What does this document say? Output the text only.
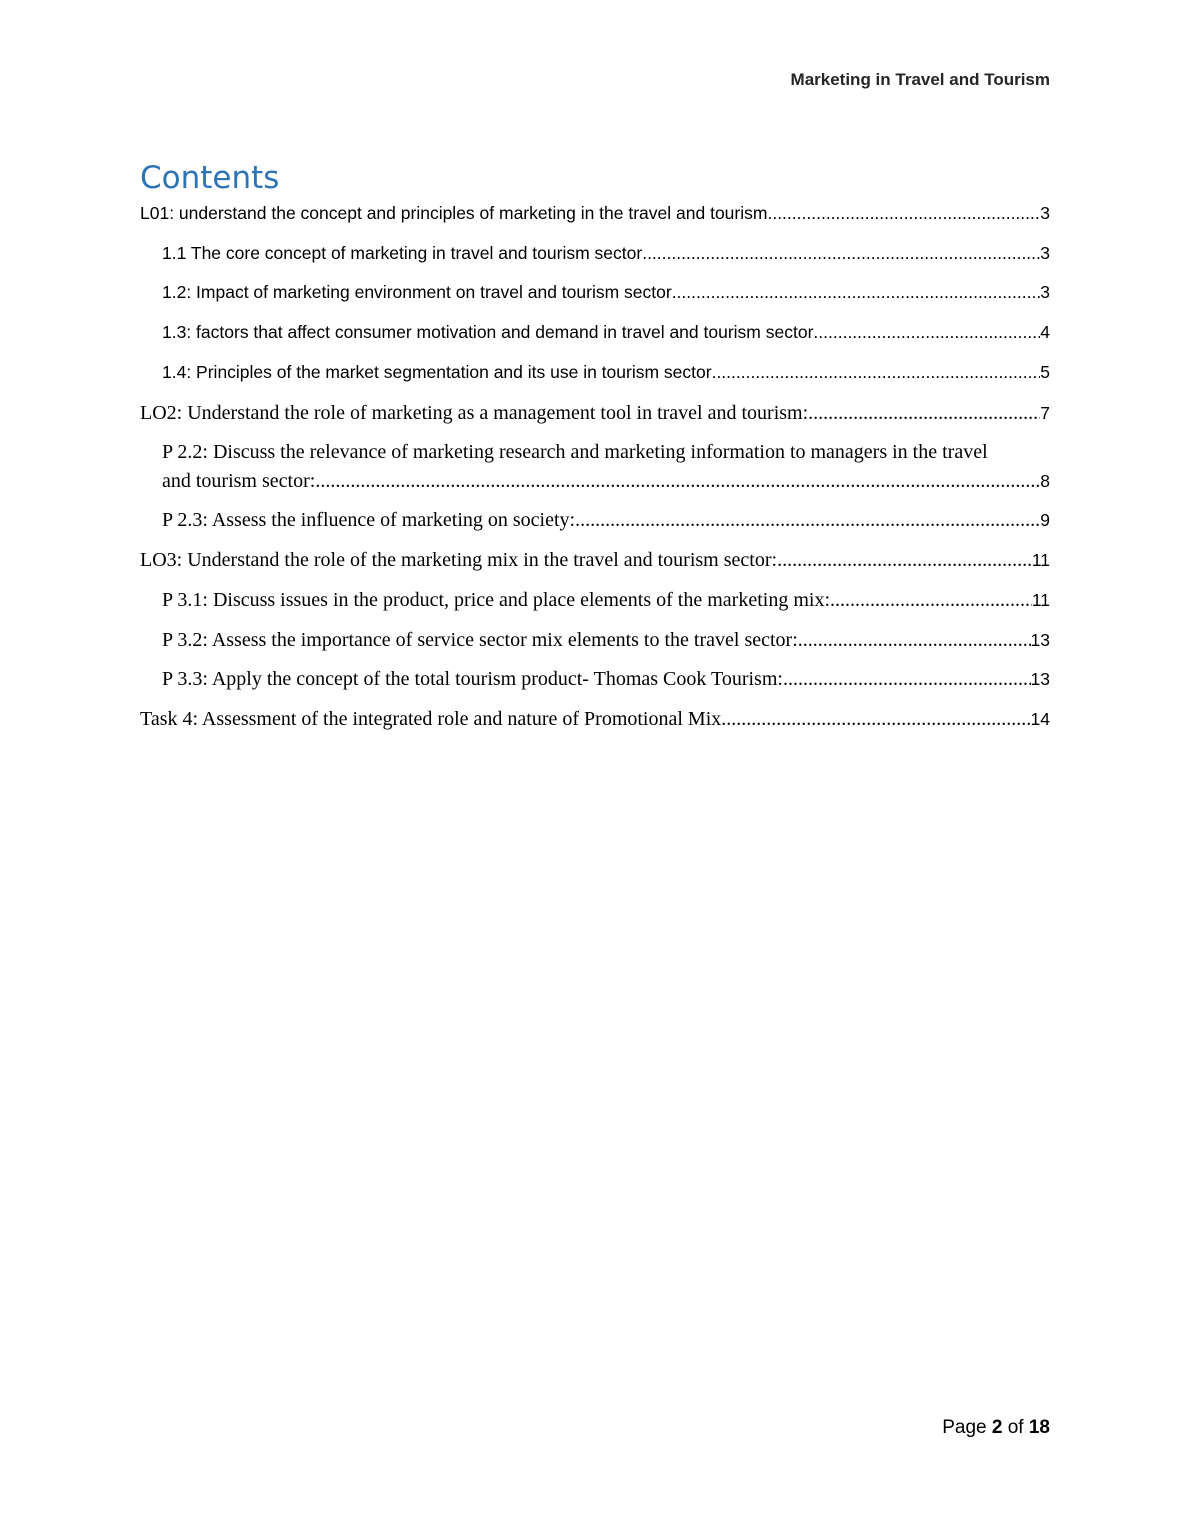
Marketing in Travel and Tourism
Contents
L01: understand the concept and principles of marketing in the travel and tourism .....	3
1.1 The core concept of marketing in travel and tourism sector .....	3
1.2: Impact of marketing environment on travel and tourism sector .....	3
1.3: factors that affect consumer motivation and demand in travel and tourism sector .....	4
1.4: Principles of the market segmentation and its use in tourism sector .....	5
LO2: Understand the role of marketing as a management tool in travel and tourism: .....	7
P 2.2: Discuss the relevance of marketing research and marketing information to managers in the travel
and tourism sector: .....	8
P 2.3: Assess the influence of marketing on society: .....	9
LO3: Understand the role of the marketing mix in the travel and tourism sector: .....	11
P 3.1: Discuss issues in the product, price and place elements of the marketing mix: .....	11
P 3.2: Assess the importance of service sector mix elements to the travel sector: .....	13
P 3.3: Apply the concept of the total tourism product- Thomas Cook Tourism: .....	13
Task 4: Assessment of the integrated role and nature of Promotional Mix .....	14
Page 2 of 18
